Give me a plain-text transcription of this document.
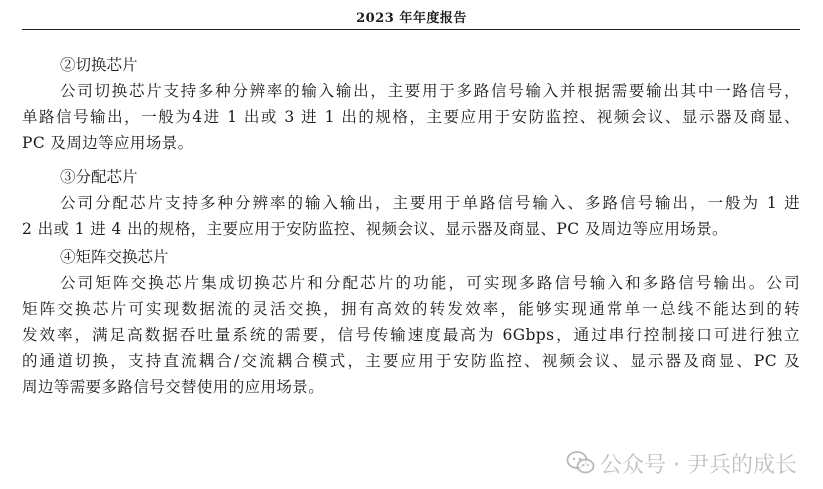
2023 年年度报告

②切换芯片

公司切换芯片支持多种分辨率的输入输出，主要用于多路信号输入并根据需要输出其中一路信号，
单路信号输出，一般为4进 1 出或 3 进 1 出的规格，主要应用于安防监控、视频会议、显示器及商显、
PC 及周边等应用场景。

③分配芯片

公司分配芯片支持多种分辨率的输入输出，主要用于单路信号输入、多路信号输出，一般为 1 进
2 出或 1 进 4 出的规格，主要应用于安防监控、视频会议、显示器及商显、PC 及周边等应用场景。

④矩阵交换芯片

公司矩阵交换芯片集成切换芯片和分配芯片的功能，可实现多路信号输入和多路信号输出。公司
矩阵交换芯片可实现数据流的灵活交换，拥有高效的转发效率，能够实现通常单一总线不能达到的转
发效率，满足高数据吞吐量系统的需要，信号传输速度最高为 6Gbps，通过串行控制接口可进行独立
的通道切换，支持直流耦合/交流耦合模式，主要应用于安防监控、视频会议、显示器及商显、PC 及
周边等需要多路信号交替使用的应用场景。
公众号 · 尹兵的成长
